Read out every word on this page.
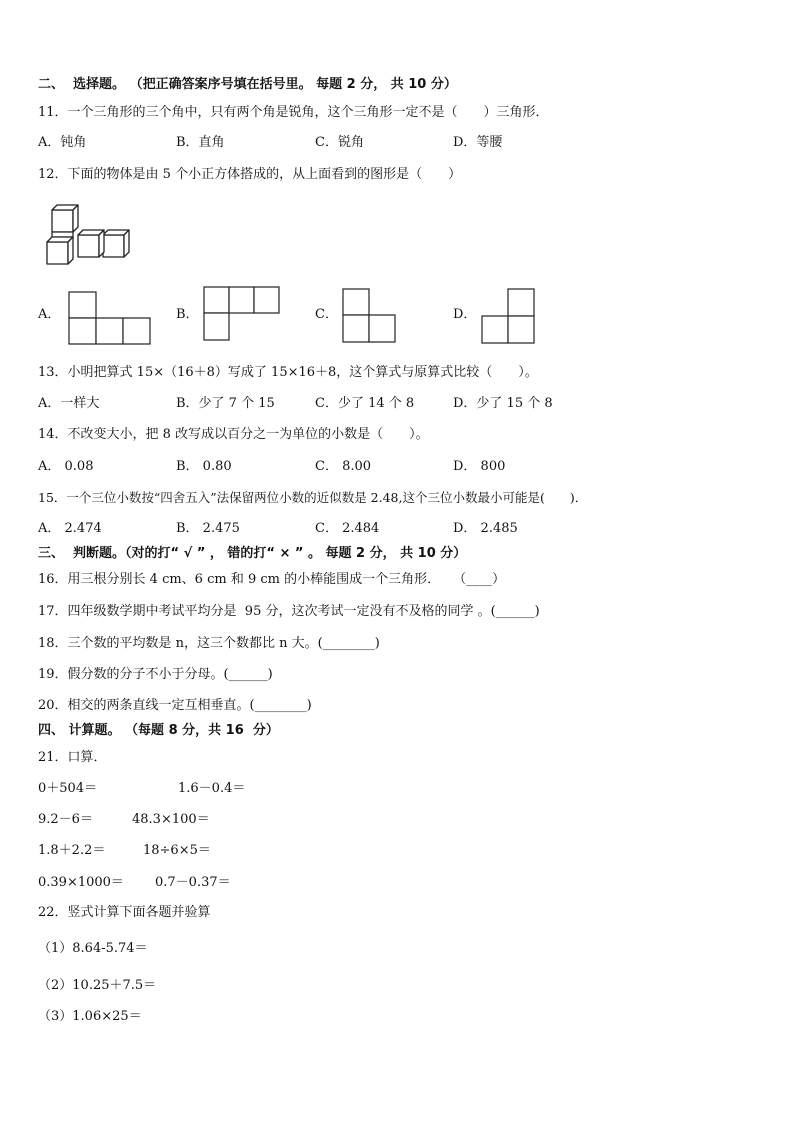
二、  选择题。 （把正确答案序号填在括号里。 每题 2 分， 共 10 分）
11．一个三角形的三个角中，只有两个角是锐角，这个三角形一定不是（　　）三角形．
A．钝角	B．直角	C．锐角	D．等腰
12．下面的物体是由 5 个小正方体搭成的，从上面看到的图形是（　　）
A．	B．	C．	D．
13．小明把算式 15×（16＋8）写成了 15×16＋8，这个算式与原算式比较（　　）。
A．一样大	B．少了 7 个 15	C．少了 14 个 8	D．少了 15 个 8
14．不改变大小，把 8 改写成以百分之一为单位的小数是（　　）。
A． 0.08	B． 0.80	C． 8.00	D． 800
15．一个三位小数按“四舍五入”法保留两位小数的近似数是 2.48,这个三位小数最小可能是(　　)．
A． 2.474	B． 2.475	C． 2.484	D． 2.485
三、  判断题。（对的打“ √ ” ， 错的打“ × ” 。 每题 2 分， 共 10 分）
16．用三根分别长 4 cm、6 cm 和 9 cm 的小棒能围成一个三角形．　　（____）
17．四年级数学期中考试平均分是  95 分，这次考试一定没有不及格的同学 。(______)
18．三个数的平均数是 n，这三个数都比 n 大。(________)
19．假分数的分子不小于分母。(______)
20．相交的两条直线一定互相垂直。(________)
四、 计算题。 （每题 8 分，共 16  分）
21．口算．
0＋504＝	1.6－0.4＝
9.2－6＝	48.3×100＝
1.8＋2.2＝	18÷6×5＝
0.39×1000＝ 0.7－0.37＝
22．竖式计算下面各题并验算
（1）8.64-5.74＝
（2）10.25＋7.5＝
（3）1.06×25＝
